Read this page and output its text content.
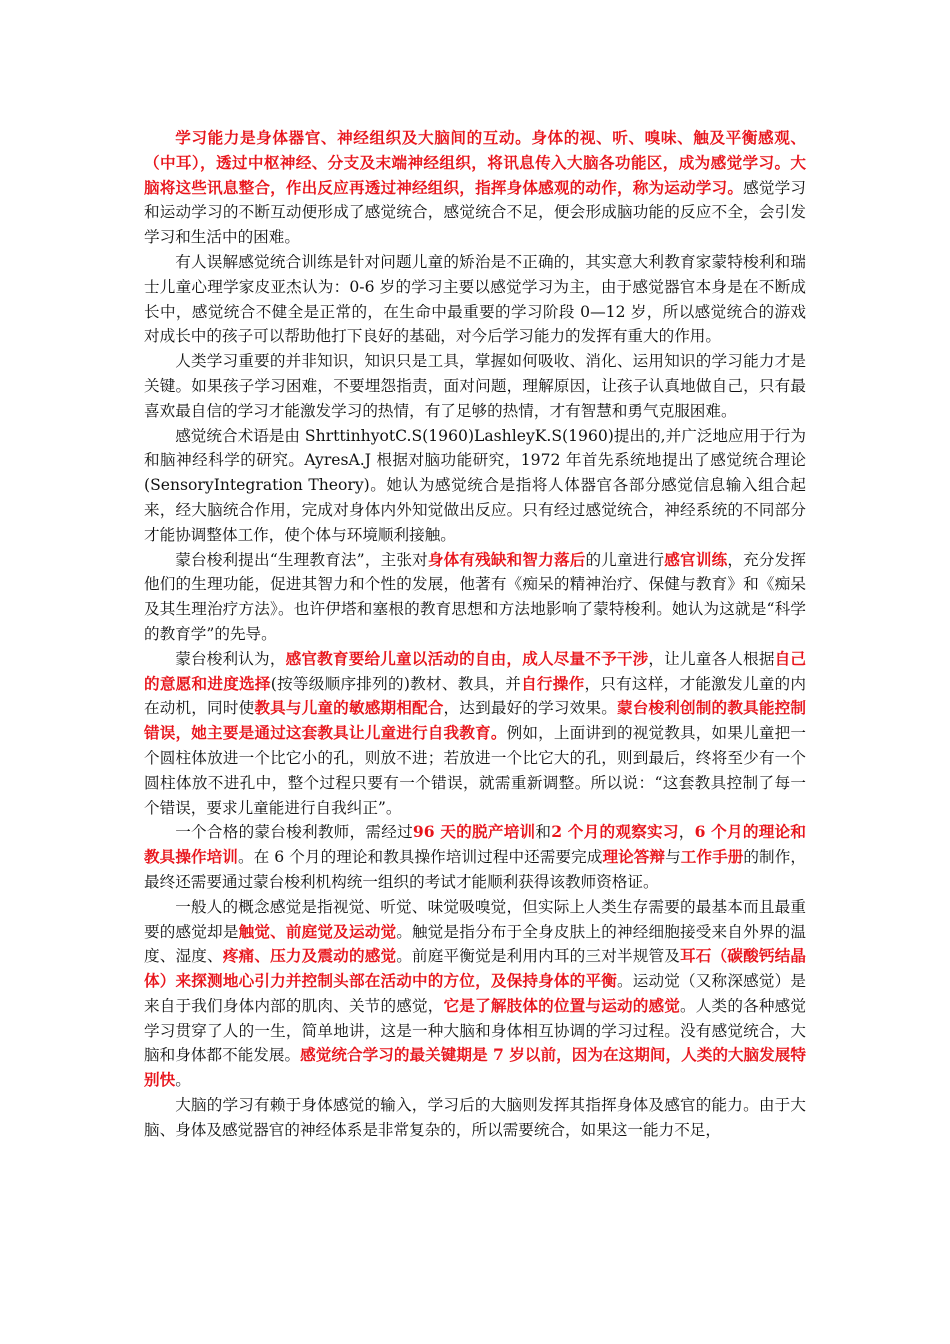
学习能力是身体器官、神经组织及大脑间的互动。身体的视、听、嗅味、触及平衡感观、（中耳），透过中枢神经、分支及末端神经组织，将讯息传入大脑各功能区，成为感觉学习。大脑将这些讯息整合，作出反应再透过神经组织，指挥身体感观的动作，称为运动学习。感觉学习和运动学习的不断互动便形成了感觉统合，感觉统合不足，便会形成脑功能的反应不全，会引发学习和生活中的困难。

有人误解感觉统合训练是针对问题儿童的矫治是不正确的，其实意大利教育家蒙特梭利和瑞士儿童心理学家皮亚杰认为：0-6 岁的学习主要以感觉学习为主，由于感觉器官本身是在不断成长中，感觉统合不健全是正常的，在生命中最重要的学习阶段 0—12 岁，所以感觉统合的游戏对成长中的孩子可以帮助他打下良好的基础，对今后学习能力的发挥有重大的作用。

人类学习重要的并非知识，知识只是工具，掌握如何吸收、消化、运用知识的学习能力才是关键。如果孩子学习困难，不要埋怨指责，面对问题，理解原因，让孩子认真地做自己，只有最喜欢最自信的学习才能激发学习的热情，有了足够的热情，才有智慧和勇气克服困难。

感觉统合术语是由 ShrttinhyotC.S(1960)LashleyK.S(1960)提出的,并广泛地应用于行为和脑神经科学的研究。AyresA.J 根据对脑功能研究，1972 年首先系统地提出了感觉统合理论(SensoryIntegration Theory)。她认为感觉统合是指将人体器官各部分感觉信息输入组合起来，经大脑统合作用，完成对身体内外知觉做出反应。只有经过感觉统合，神经系统的不同部分才能协调整体工作，使个体与环境顺利接触。

蒙台梭利提出“生理教育法”，主张对身体有残缺和智力落后的儿童进行感官训练，充分发挥他们的生理功能，促进其智力和个性的发展，他著有《痴呆的精神治疗、保健与教育》和《痴呆及其生理治疗方法》。也许伊塔和塞根的教育思想和方法地影响了蒙特梭利。她认为这就是“科学的教育学”的先导。

蒙台梭利认为，感官教育要给儿童以活动的自由，成人尽量不予干涉，让儿童各人根据自己的意愿和进度选择(按等级顺序排列的)教材、教具，并自行操作，只有这样，才能激发儿童的内在动机，同时使教具与儿童的敏感期相配合，达到最好的学习效果。蒙台梭利创制的教具能控制错误，她主要是通过这套教具让儿童进行自我教育。例如，上面讲到的视觉教具，如果儿童把一个圆柱体放进一个比它小的孔，则放不进；若放进一个比它大的孔，则到最后，终将至少有一个圆柱体放不进孔中，整个过程只要有一个错误，就需重新调整。所以说：“这套教具控制了每一个错误，要求儿童能进行自我纠正”。

一个合格的蒙台梭利教师，需经过96 天的脱产培训和2 个月的观察实习，6 个月的理论和教具操作培训。在 6 个月的理论和教具操作培训过程中还需要完成理论答辩与工作手册的制作，最终还需要通过蒙台梭利机构统一组织的考试才能顺利获得该教师资格证。

一般人的概念感觉是指视觉、听觉、味觉吸嗅觉，但实际上人类生存需要的最基本而且最重要的感觉却是触觉、前庭觉及运动觉。触觉是指分布于全身皮肤上的神经细胞接受来自外界的温度、湿度、疼痛、压力及震动的感觉。前庭平衡觉是利用内耳的三对半规管及耳石（碳酸钙结晶体）来探测地心引力并控制头部在活动中的方位，及保持身体的平衡。运动觉（又称深感觉）是来自于我们身体内部的肌肉、关节的感觉，它是了解肢体的位置与运动的感觉。人类的各种感觉学习贯穿了人的一生，简单地讲，这是一种大脑和身体相互协调的学习过程。没有感觉统合，大脑和身体都不能发展。感觉统合学习的最关键期是 7 岁以前，因为在这期间，人类的大脑发展特别快。

大脑的学习有赖于身体感觉的输入，学习后的大脑则发挥其指挥身体及感官的能力。由于大脑、身体及感觉器官的神经体系是非常复杂的，所以需要统合，如果这一能力不足，
